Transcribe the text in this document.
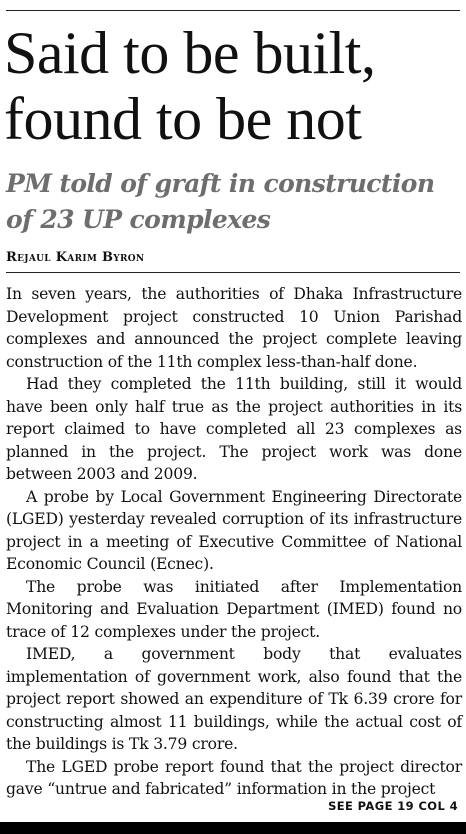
Said to be built,
found to be not
PM told of graft in construction
of 23 UP complexes
Rejaul Karim Byron

In seven years, the authorities of Dhaka Infrastructure Development project constructed 10 Union Parishad complexes and announced the project complete leaving construction of the 11th complex less-than-half done.

Had they completed the 11th building, still it would have been only half true as the project authorities in its report claimed to have completed all 23 complexes as planned in the project. The project work was done between 2003 and 2009.

A probe by Local Government Engineering Directorate (LGED) yesterday revealed corruption of its infrastructure project in a meeting of Executive Committee of National Economic Council (Ecnec).

The probe was initiated after Implementation Monitoring and Evaluation Department (IMED) found no trace of 12 complexes under the project.

IMED, a government body that evaluates implementation of government work, also found that the project report showed an expenditure of Tk 6.39 crore for constructing almost 11 buildings, while the actual cost of the buildings is Tk 3.79 crore.

The LGED probe report found that the project director gave “untrue and fabricated” information in the project

SEE PAGE 19 COL 4
